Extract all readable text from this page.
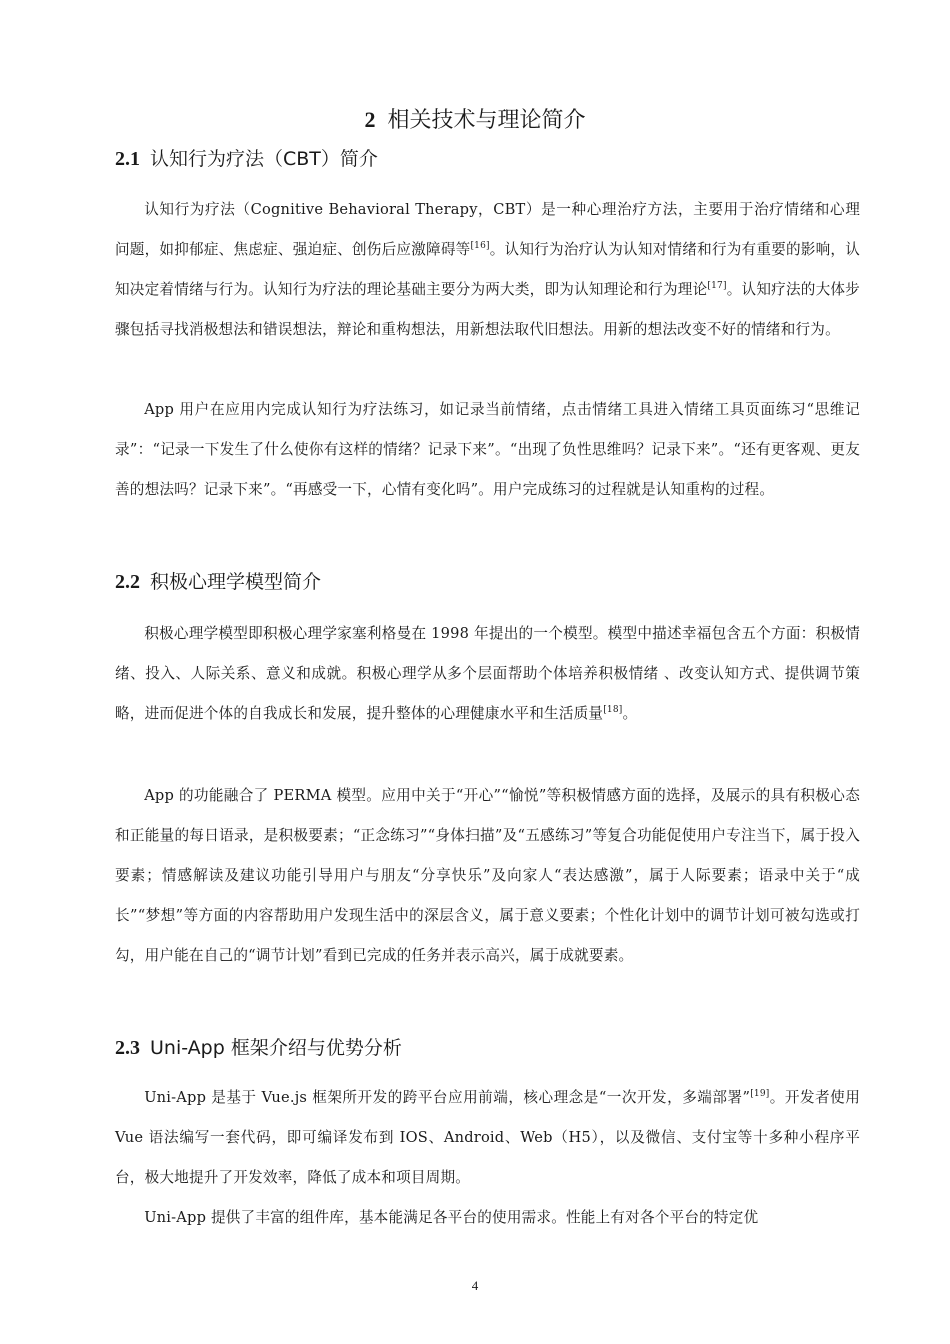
2 相关技术与理论简介
2.1 认知行为疗法（CBT）简介

认知行为疗法（Cognitive Behavioral Therapy，CBT）是一种心理治疗方法，主要用于治疗情绪和心理问题，如抑郁症、焦虑症、强迫症、创伤后应激障碍等[16]。认知行为治疗认为认知对情绪和行为有重要的影响，认知决定着情绪与行为。认知行为疗法的理论基础主要分为两大类，即为认知理论和行为理论[17]。认知疗法的大体步骤包括寻找消极想法和错误想法，辩论和重构想法，用新想法取代旧想法。用新的想法改变不好的情绪和行为。

App 用户在应用内完成认知行为疗法练习，如记录当前情绪，点击情绪工具进入情绪工具页面练习“思维记录”：“记录一下发生了什么使你有这样的情绪？记录下来”。“出现了负性思维吗？记录下来”。“还有更客观、更友善的想法吗？记录下来”。“再感受一下，心情有变化吗”。用户完成练习的过程就是认知重构的过程。

2.2 积极心理学模型简介

积极心理学模型即积极心理学家塞利格曼在 1998 年提出的一个模型。模型中描述幸福包含五个方面：积极情绪、投入、人际关系、意义和成就。积极心理学从多个层面帮助个体培养积极情绪 、改变认知方式、提供调节策略，进而促进个体的自我成长和发展，提升整体的心理健康水平和生活质量[18]。

App 的功能融合了 PERMA 模型。应用中关于“开心”“愉悦”等积极情感方面的选择，及展示的具有积极心态和正能量的每日语录，是积极要素；“正念练习”“身体扫描”及“五感练习”等复合功能促使用户专注当下，属于投入要素；情感解读及建议功能引导用户与朋友“分享快乐”及向家人“表达感激”，属于人际要素；语录中关于“成长”“梦想”等方面的内容帮助用户发现生活中的深层含义，属于意义要素；个性化计划中的调节计划可被勾选或打勾，用户能在自己的“调节计划”看到已完成的任务并表示高兴，属于成就要素。

2.3 Uni-App 框架介绍与优势分析

Uni-App 是基于 Vue.js 框架所开发的跨平台应用前端，核心理念是“一次开发，多端部署”[19]。开发者使用 Vue 语法编写一套代码，即可编译发布到 IOS、Android、Web（H5），以及微信、支付宝等十多种小程序平台，极大地提升了开发效率，降低了成本和项目周期。

Uni-App 提供了丰富的组件库，基本能满足各平台的使用需求。性能上有对各个平台的特定优

4
